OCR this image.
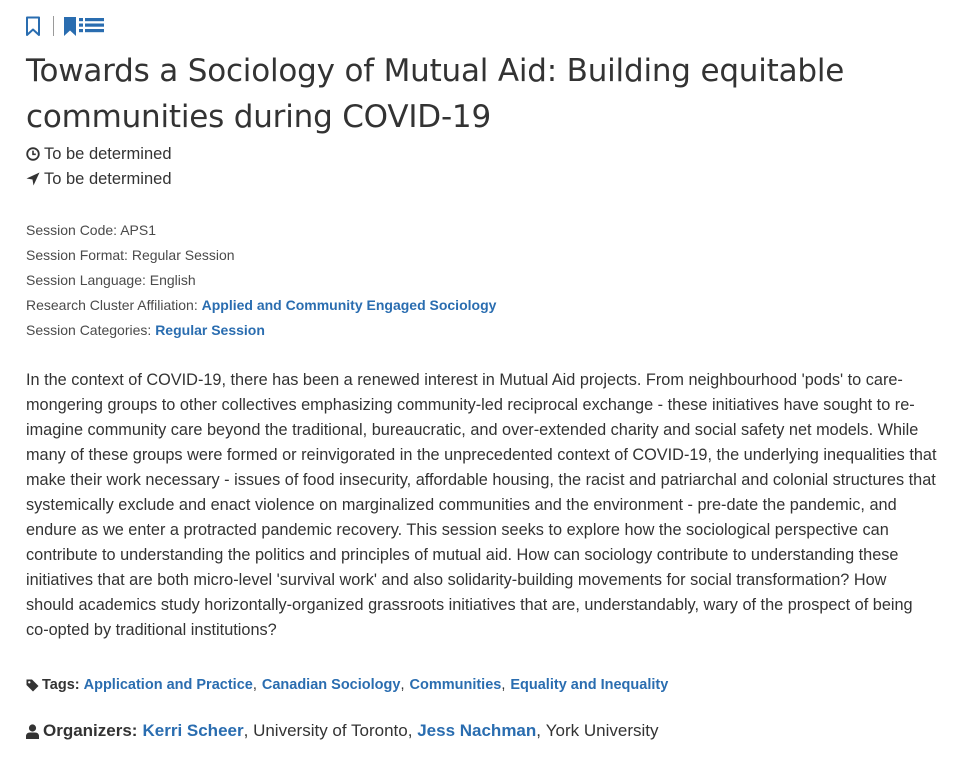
Towards a Sociology of Mutual Aid: Building equitable communities during COVID-19
To be determined
To be determined
Session Code: APS1
Session Format: Regular Session
Session Language: English
Research Cluster Affiliation: Applied and Community Engaged Sociology
Session Categories: Regular Session
In the context of COVID-19, there has been a renewed interest in Mutual Aid projects. From neighbourhood 'pods' to care-mongering groups to other collectives emphasizing community-led reciprocal exchange - these initiatives have sought to re-imagine community care beyond the traditional, bureaucratic, and over-extended charity and social safety net models. While many of these groups were formed or reinvigorated in the unprecedented context of COVID-19, the underlying inequalities that make their work necessary - issues of food insecurity, affordable housing, the racist and patriarchal and colonial structures that systemically exclude and enact violence on marginalized communities and the environment - pre-date the pandemic, and endure as we enter a protracted pandemic recovery. This session seeks to explore how the sociological perspective can contribute to understanding the politics and principles of mutual aid. How can sociology contribute to understanding these initiatives that are both micro-level 'survival work' and also solidarity-building movements for social transformation? How should academics study horizontally-organized grassroots initiatives that are, understandably, wary of the prospect of being co-opted by traditional institutions?
Tags: Application and Practice , Canadian Sociology , Communities , Equality and Inequality
Organizers: Kerri Scheer ,
University of Toronto ,
Jess Nachman ,
York University
